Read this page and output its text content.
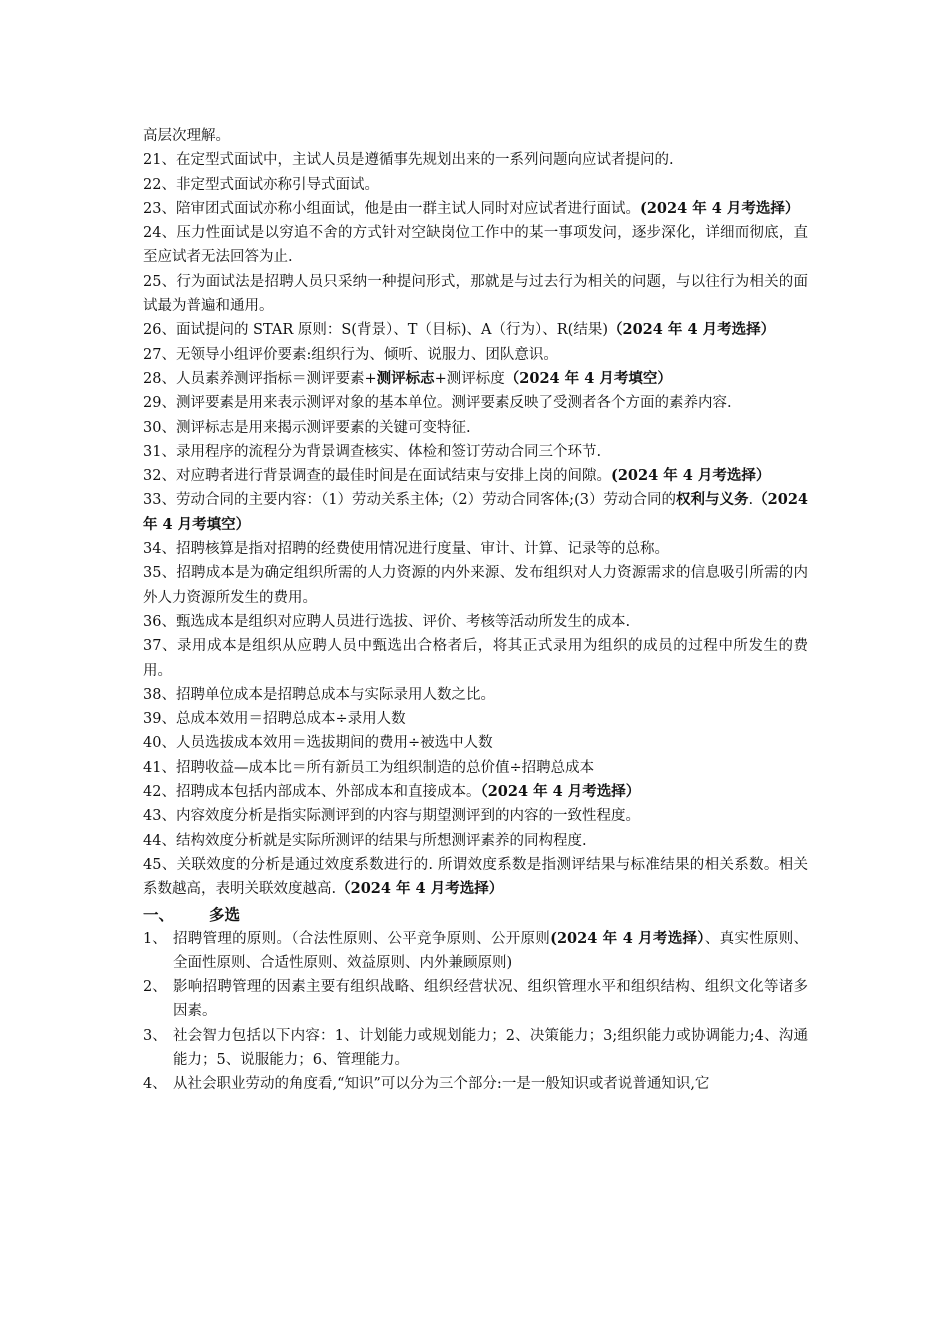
高层次理解。

21、在定型式面试中，主试人员是遵循事先规划出来的一系列问题向应试者提问的.

22、非定型式面试亦称引导式面试。

23、陪审团式面试亦称小组面试，他是由一群主试人同时对应试者进行面试。(2024 年 4 月考选择）

24、压力性面试是以穷追不舍的方式针对空缺岗位工作中的某一事项发问，逐步深化，详细而彻底，直至应试者无法回答为止.

25、行为面试法是招聘人员只采纳一种提问形式，那就是与过去行为相关的问题，与以往行为相关的面试最为普遍和通用。

26、面试提问的 STAR 原则：S(背景）、T（目标)、A（行为）、R(结果)（2024 年 4 月考选择）

27、无领导小组评价要素:组织行为、倾听、说服力、团队意识。

28、人员素养测评指标＝测评要素+测评标志+测评标度（2024 年 4 月考填空）

29、测评要素是用来表示测评对象的基本单位。测评要素反映了受测者各个方面的素养内容.

30、测评标志是用来揭示测评要素的关键可变特征.

31、录用程序的流程分为背景调查核实、体检和签订劳动合同三个环节.

32、对应聘者进行背景调查的最佳时间是在面试结束与安排上岗的间隙。(2024 年 4 月考选择）

33、劳动合同的主要内容：（1）劳动关系主体;（2）劳动合同客体;(3）劳动合同的权利与义务.（2024 年 4 月考填空）

34、招聘核算是指对招聘的经费使用情况进行度量、审计、计算、记录等的总称。

35、招聘成本是为确定组织所需的人力资源的内外来源、发布组织对人力资源需求的信息吸引所需的内外人力资源所发生的费用。

36、甄选成本是组织对应聘人员进行选拔、评价、考核等活动所发生的成本.

37、录用成本是组织从应聘人员中甄选出合格者后，将其正式录用为组织的成员的过程中所发生的费用。

38、招聘单位成本是招聘总成本与实际录用人数之比。

39、总成本效用＝招聘总成本÷录用人数

40、人员选拔成本效用＝选拔期间的费用÷被选中人数

41、招聘收益—成本比＝所有新员工为组织制造的总价值÷招聘总成本

42、招聘成本包括内部成本、外部成本和直接成本。（2024 年 4 月考选择）

43、内容效度分析是指实际测评到的内容与期望测评到的内容的一致性程度。

44、结构效度分析就是实际所测评的结果与所想测评素养的同构程度.

45、关联效度的分析是通过效度系数进行的. 所谓效度系数是指测评结果与标准结果的相关系数。相关系数越高，表明关联效度越高.（2024 年 4 月考选择）

一、 多选
1、 招聘管理的原则。（合法性原则、公平竞争原则、公开原则(2024 年 4 月考选择）、真实性原则、全面性原则、合适性原则、效益原则、内外兼顾原则)
2、 影响招聘管理的因素主要有组织战略、组织经营状况、组织管理水平和组织结构、组织文化等诸多因素。
3、 社会智力包括以下内容：1、计划能力或规划能力；2、决策能力；3;组织能力或协调能力;4、沟通能力；5、说服能力；6、管理能力。
4、 从社会职业劳动的角度看,“知识”可以分为三个部分:一是一般知识或者说普通知识,它
